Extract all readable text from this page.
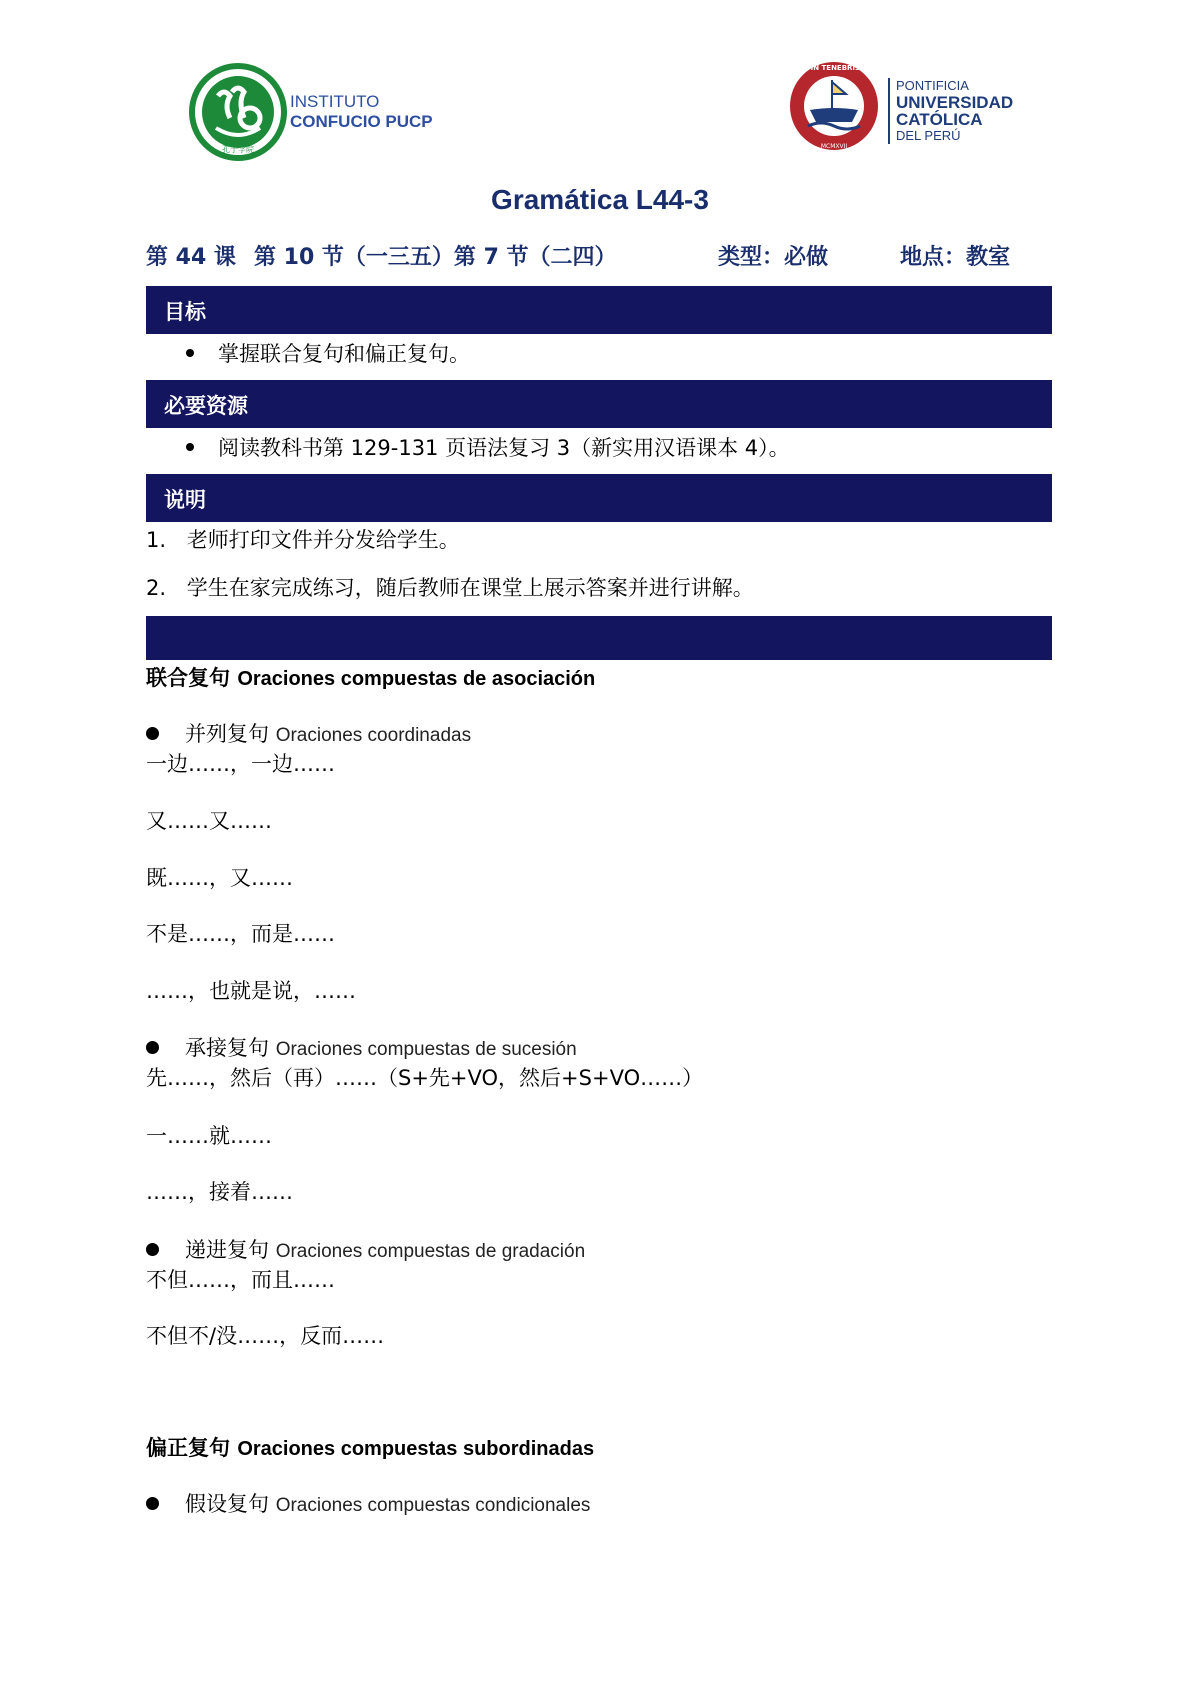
孔子学院
INSTITUTO
CONFUCIO PUCP
ET LUX IN TENEBRIS LUCET
MCMXVII
PONTIFICIA
UNIVERSIDAD
CATÓLICA
DEL PERÚ
Gramática L44-3

第 44 课

第 10 节（一三五）第 7 节（二四）

	类型：必做

	地点：教室

目标
掌握联合复句和偏正复句。
必要资源
阅读教科书第 129-131 页语法复习 3（新实用汉语课本 4）。
说明
1. 老师打印文件并分发给学生。
2. 学生在家完成练习，随后教师在课堂上展示答案并进行讲解。
联合复句 Oraciones compuestas de asociación
并列复句 Oraciones coordinadas
一边……，一边……
又……又……
既……，又……
不是……，而是……
……，也就是说，……
承接复句 Oraciones compuestas de sucesión
先……，然后（再）……（S+先+VO，然后+S+VO……）
一……就……
……，接着……
递进复句 Oraciones compuestas de gradación
不但……，而且……
不但不/没……，反而……
偏正复句 Oraciones compuestas subordinadas
假设复句 Oraciones compuestas condicionales
